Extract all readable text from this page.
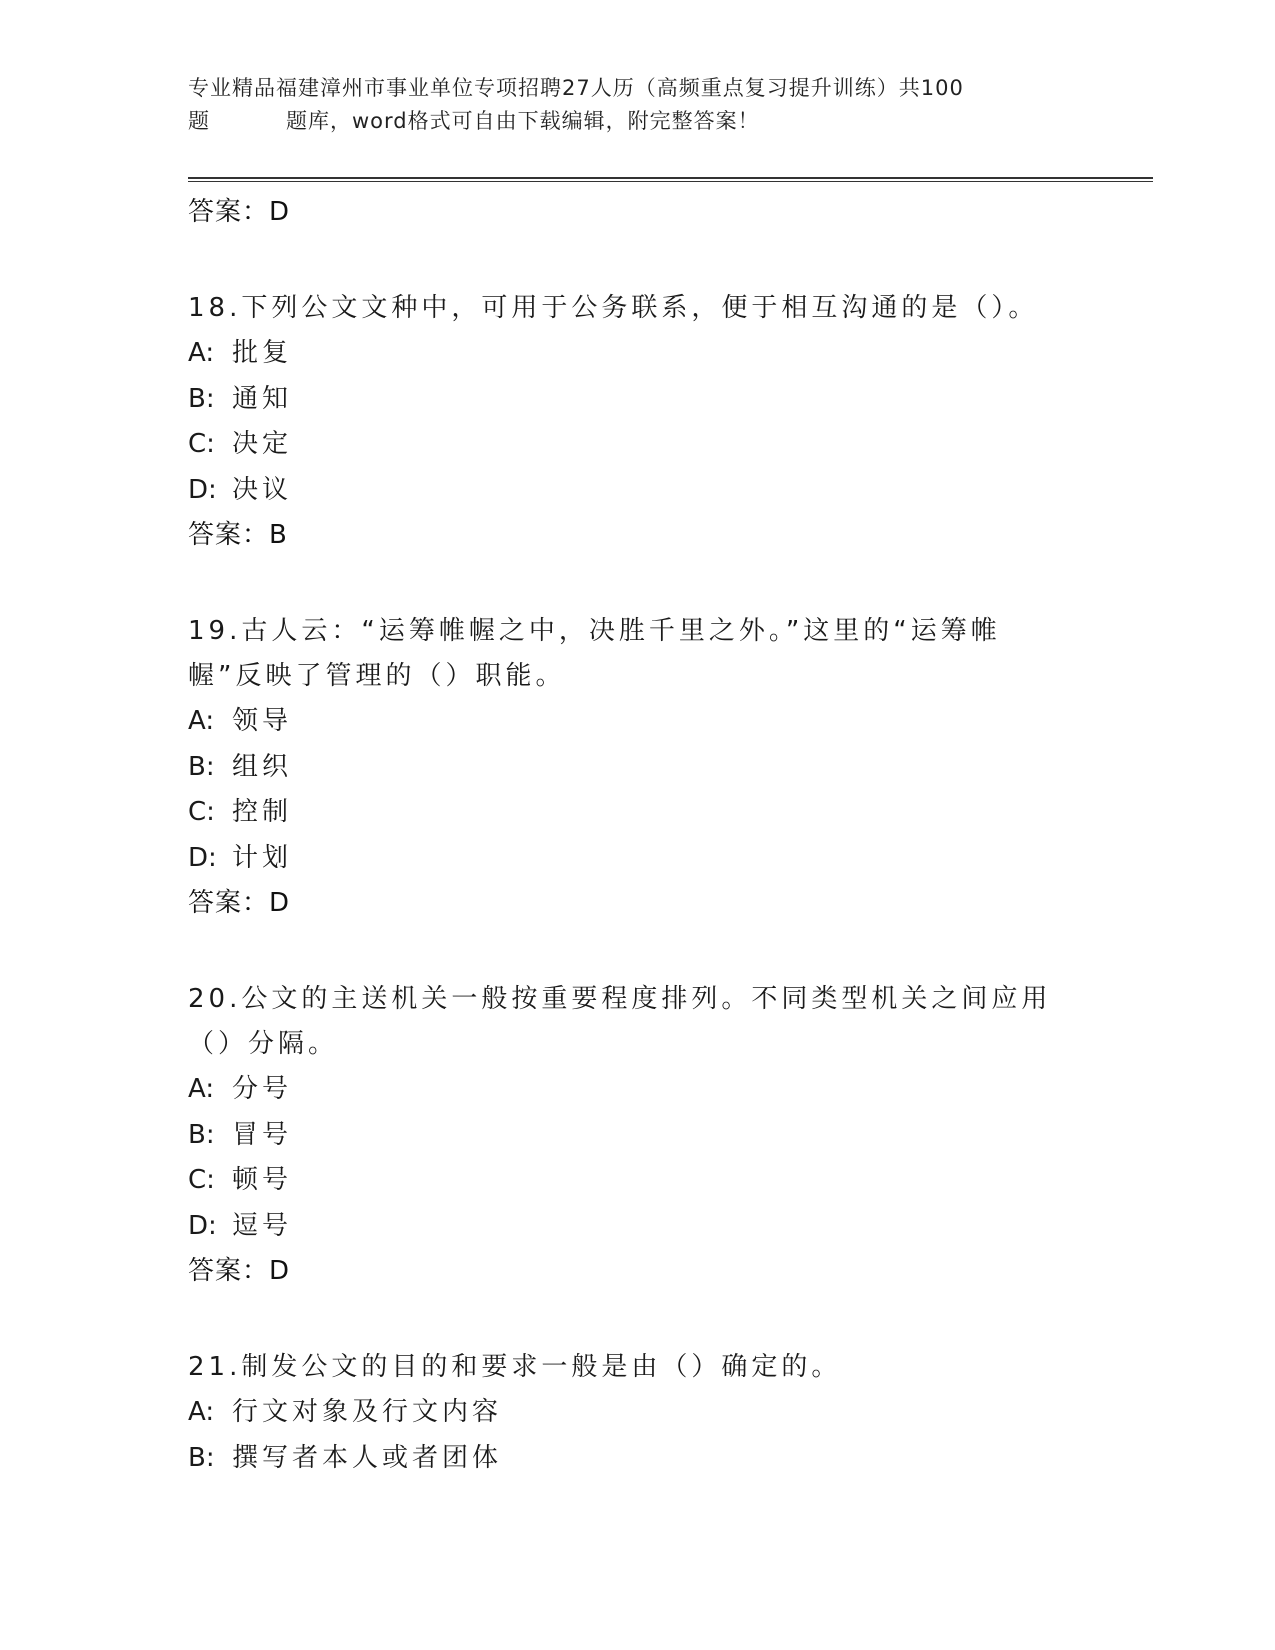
专业精品福建漳州市事业单位专项招聘27人历（高频重点复习提升训练）共100
题	题库，word格式可自由下载编辑，附完整答案！
答案：D
18.下列公文文种中，可用于公务联系，便于相互沟通的是（）。
A: 批复
B: 通知
C: 决定
D: 决议
答案：B
19.古人云：“运筹帷幄之中，决胜千里之外。”这里的“运筹帷幄”反映了管理的（）职能。
A: 领导
B: 组织
C: 控制
D: 计划
答案：D
20.公文的主送机关一般按重要程度排列。不同类型机关之间应用（）分隔。
A: 分号
B: 冒号
C: 顿号
D: 逗号
答案：D
21.制发公文的目的和要求一般是由（）确定的。
A: 行文对象及行文内容
B: 撰写者本人或者团体
